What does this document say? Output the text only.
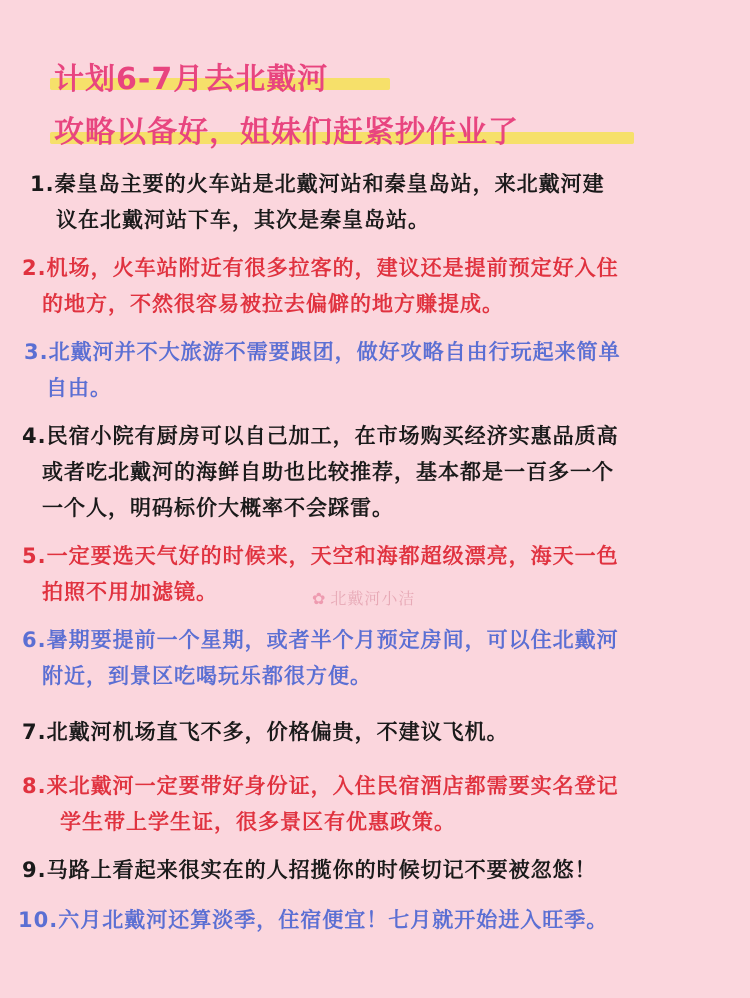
计划6-7月去北戴河
攻略以备好，姐妹们赶紧抄作业了
1.秦皇岛主要的火车站是北戴河站和秦皇岛站，来北戴河建
议在北戴河站下车，其次是秦皇岛站。
2.机场，火车站附近有很多拉客的，建议还是提前预定好入住
的地方，不然很容易被拉去偏僻的地方赚提成。
3.北戴河并不大旅游不需要跟团，做好攻略自由行玩起来简单
自由。
4.民宿小院有厨房可以自己加工，在市场购买经济实惠品质高
或者吃北戴河的海鲜自助也比较推荐，基本都是一百多一个
一个人，明码标价大概率不会踩雷。
5.一定要选天气好的时候来，天空和海都超级漂亮，海天一色
拍照不用加滤镜。	✿ 北戴河小洁
6.暑期要提前一个星期，或者半个月预定房间，可以住北戴河
附近，到景区吃喝玩乐都很方便。
7.北戴河机场直飞不多，价格偏贵，不建议飞机。
8.来北戴河一定要带好身份证，入住民宿酒店都需要实名登记
学生带上学生证，很多景区有优惠政策。
9.马路上看起来很实在的人招揽你的时候切记不要被忽悠！
10.六月北戴河还算淡季，住宿便宜！七月就开始进入旺季。
